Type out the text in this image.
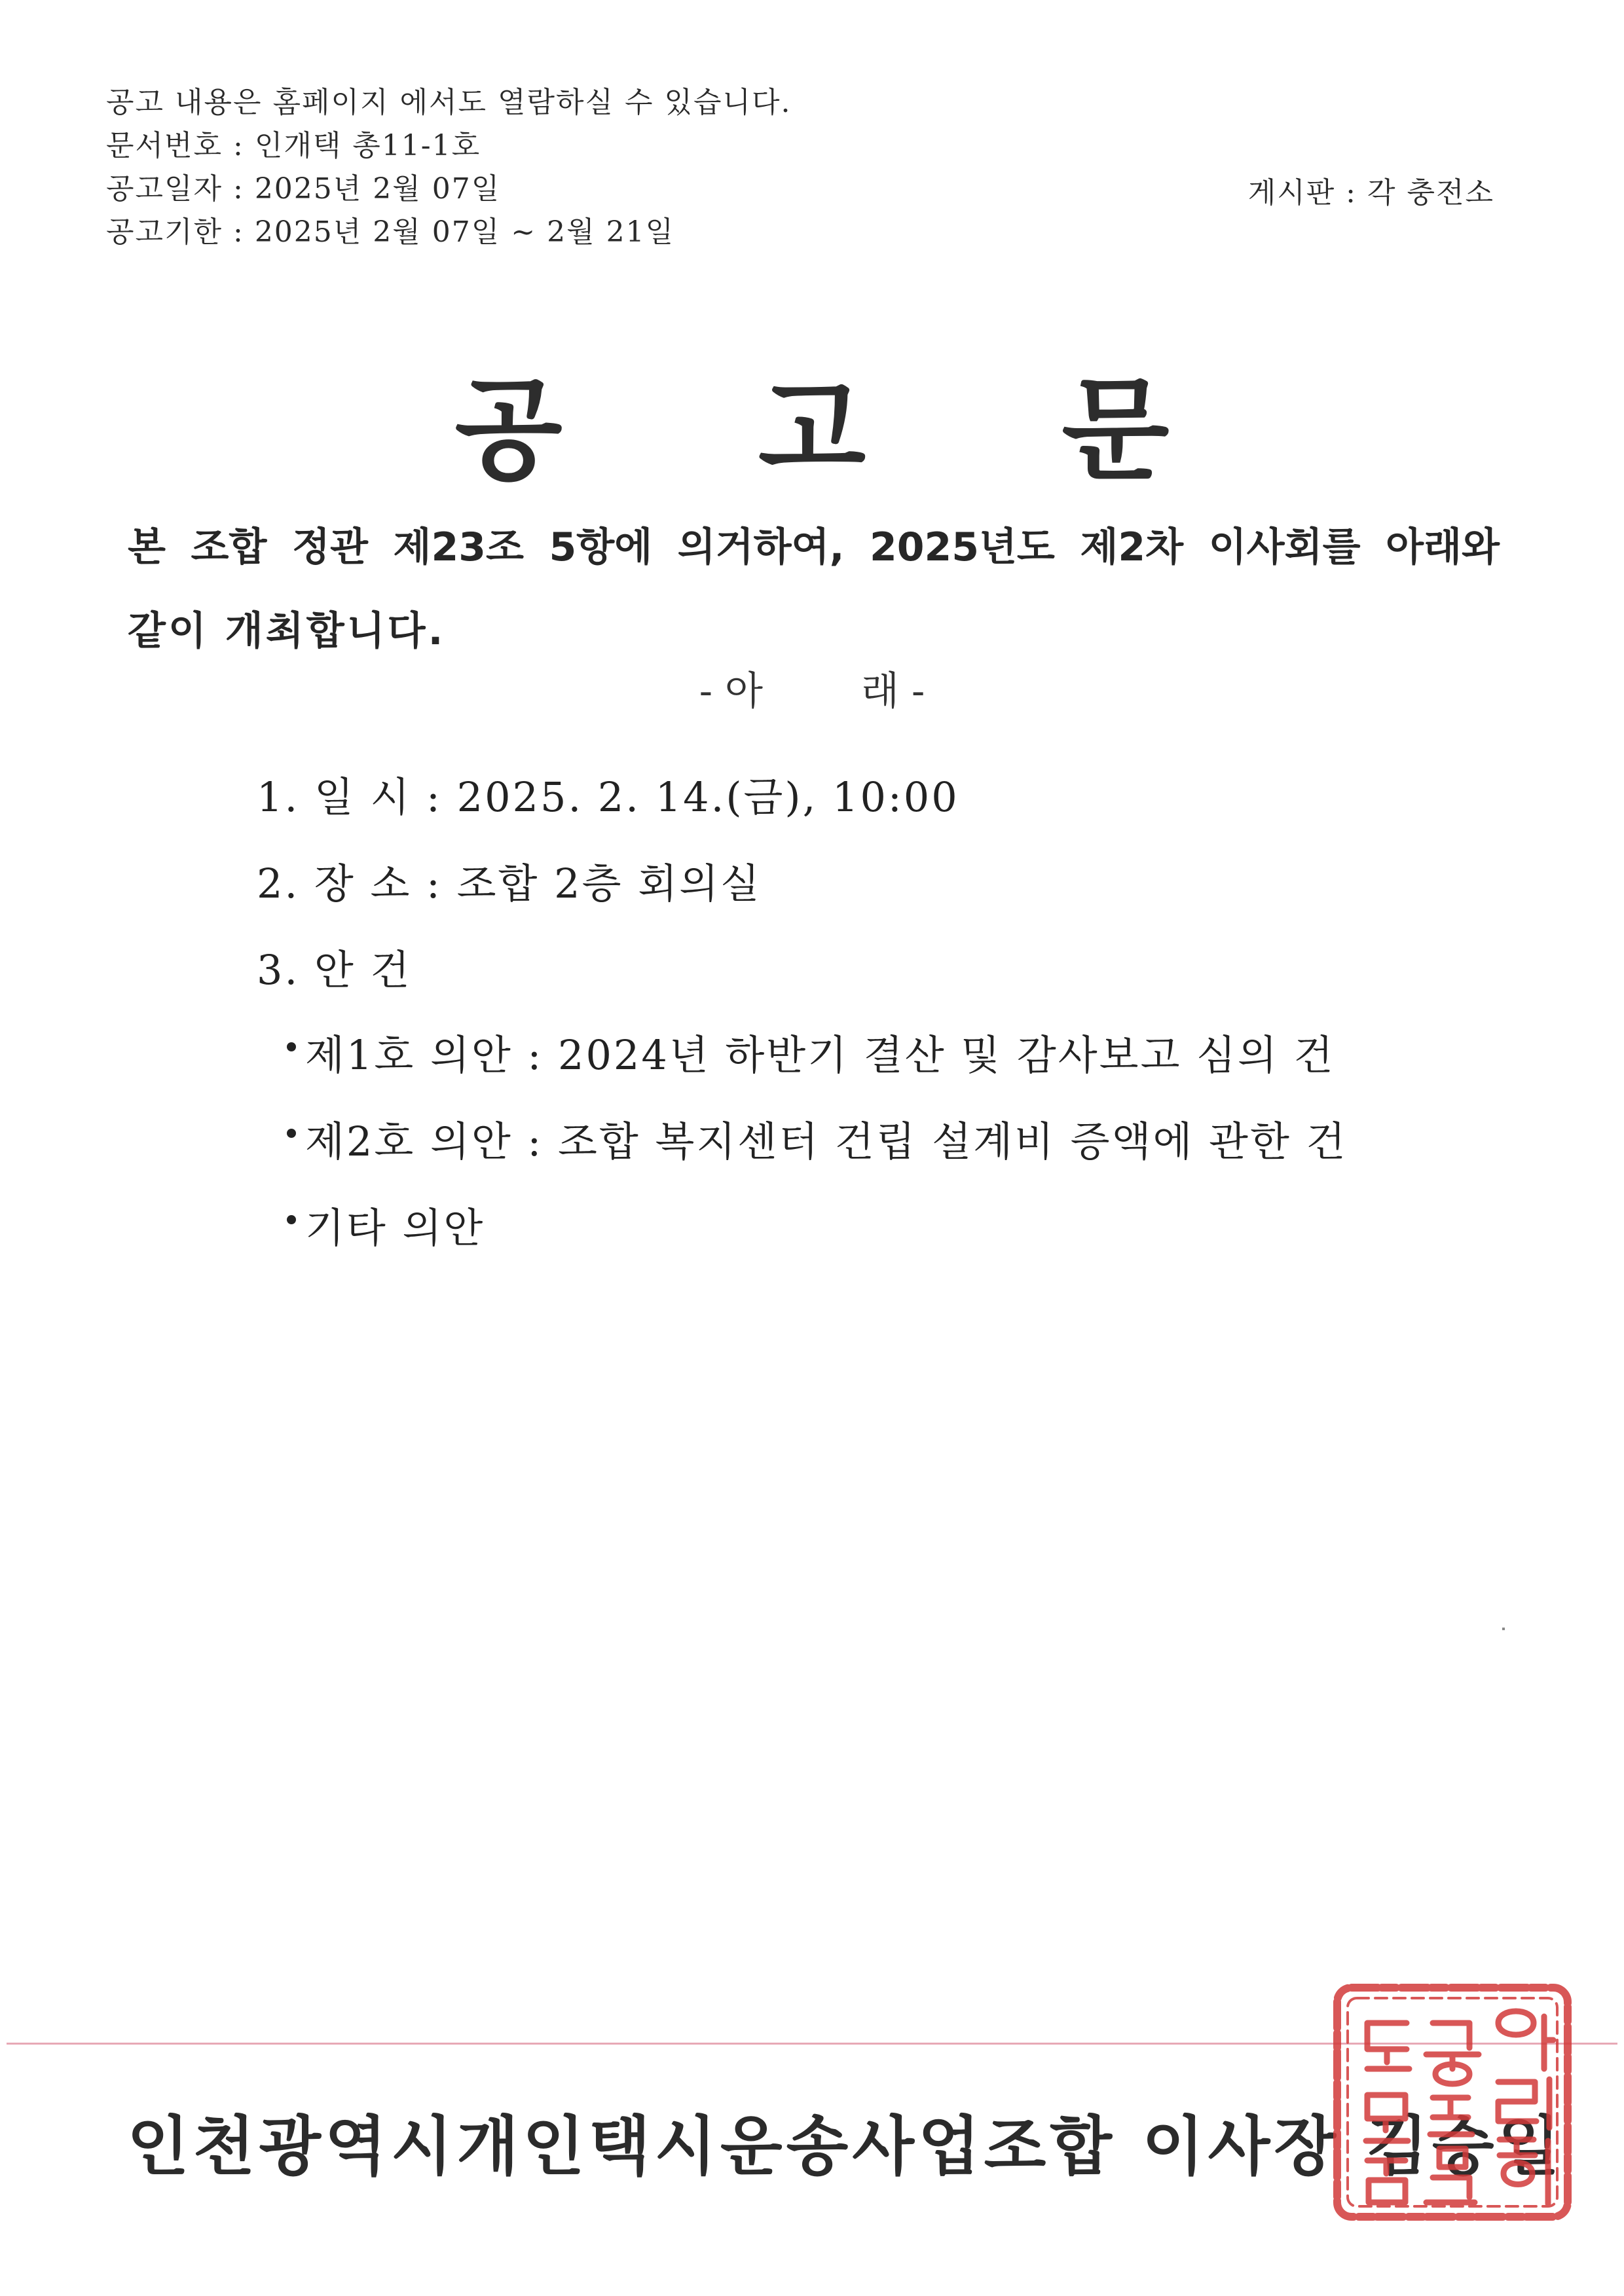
공고 내용은 홈페이지 에서도 열람하실 수 있습니다.
문서번호 : 인개택 총11-1호
공고일자 : 2025년 2월 07일
공고기한 : 2025년 2월 07일 ~ 2월 21일
게시판 : 각 충전소
공 고 문
본 조합 정관 제23조 5항에 의거하여, 2025년도 제2차 이사회를 아래와
같이 개최합니다.
- 아	래 -
1. 일 시 : 2025. 2. 14.(금), 10:00
2. 장 소 : 조합 2층 회의실
3. 안 건
제1호 의안 : 2024년 하반기 결산 및 감사보고 심의 건
제2호 의안 : 조합 복지센터 건립 설계비 증액에 관한 건
기타 의안
인천광역시개인택시운송사업조합 이사장 김승일
